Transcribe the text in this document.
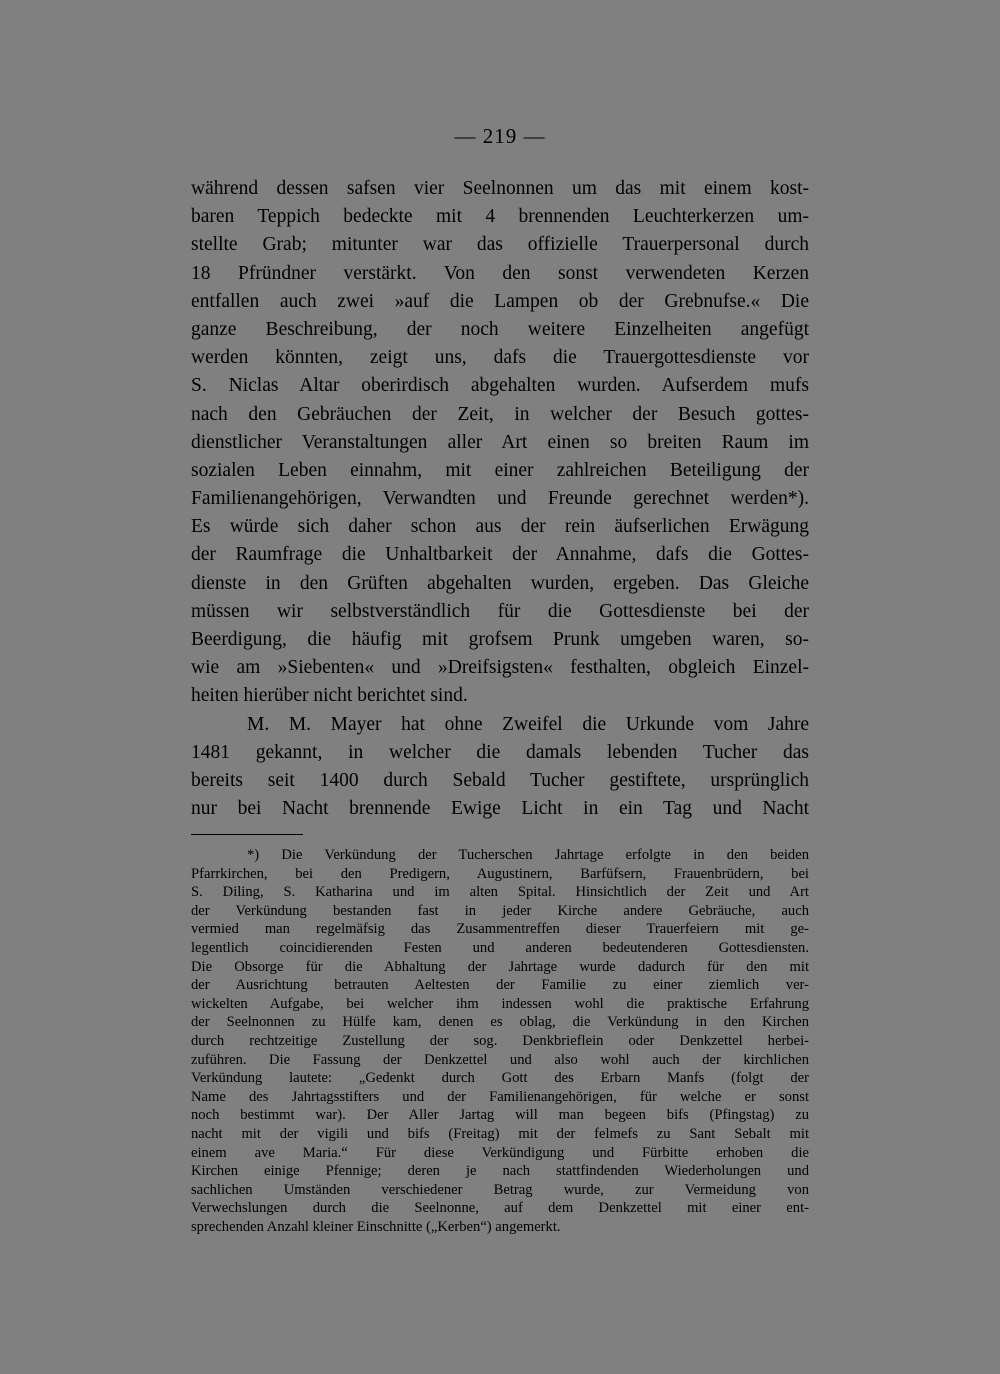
— 219 —
während dessen safsen vier Seelnonnen um das mit einem kost-
baren Teppich bedeckte mit 4 brennenden Leuchterkerzen um-
stellte Grab; mitunter war das offizielle Trauerpersonal durch
18 Pfründner verstärkt. Von den sonst verwendeten Kerzen
entfallen auch zwei »auf die Lampen ob der Grebnufse.« Die
ganze Beschreibung, der noch weitere Einzelheiten angefügt
werden könnten, zeigt uns, dafs die Trauergottesdienste vor
S. Niclas Altar oberirdisch abgehalten wurden. Aufserdem mufs
nach den Gebräuchen der Zeit, in welcher der Besuch gottes-
dienstlicher Veranstaltungen aller Art einen so breiten Raum im
sozialen Leben einnahm, mit einer zahlreichen Beteiligung der
Familienangehörigen, Verwandten und Freunde gerechnet werden*).
Es würde sich daher schon aus der rein äufserlichen Erwägung
der Raumfrage die Unhaltbarkeit der Annahme, dafs die Gottes-
dienste in den Grüften abgehalten wurden, ergeben. Das Gleiche
müssen wir selbstverständlich für die Gottesdienste bei der
Beerdigung, die häufig mit grofsem Prunk umgeben waren, so-
wie am »Siebenten« und »Dreifsigsten« festhalten, obgleich Einzel-
heiten hierüber nicht berichtet sind.
M. M. Mayer hat ohne Zweifel die Urkunde vom Jahre
1481 gekannt, in welcher die damals lebenden Tucher das
bereits seit 1400 durch Sebald Tucher gestiftete, ursprünglich
nur bei Nacht brennende Ewige Licht in ein Tag und Nacht
*) Die Verkündung der Tucherschen Jahrtage erfolgte in den beiden
Pfarrkirchen, bei den Predigern, Augustinern, Barfüfsern, Frauenbrüdern, bei
S. Diling, S. Katharina und im alten Spital. Hinsichtlich der Zeit und Art
der Verkündung bestanden fast in jeder Kirche andere Gebräuche, auch
vermied man regelmäfsig das Zusammentreffen dieser Trauerfeiern mit ge-
legentlich coincidierenden Festen und anderen bedeutenderen Gottesdiensten.
Die Obsorge für die Abhaltung der Jahrtage wurde dadurch für den mit
der Ausrichtung betrauten Aeltesten der Familie zu einer ziemlich ver-
wickelten Aufgabe, bei welcher ihm indessen wohl die praktische Erfahrung
der Seelnonnen zu Hülfe kam, denen es oblag, die Verkündung in den Kirchen
durch rechtzeitige Zustellung der sog. Denkbrieflein oder Denkzettel herbei-
zuführen. Die Fassung der Denkzettel und also wohl auch der kirchlichen
Verkündung lautete: „Gedenkt durch Gott des Erbarn Manfs (folgt der
Name des Jahrtagsstifters und der Familienangehörigen, für welche er sonst
noch bestimmt war). Der Aller Jartag will man begeen bifs (Pfingstag) zu
nacht mit der vigili und bifs (Freitag) mit der felmefs zu Sant Sebalt mit
einem ave Maria.“ Für diese Verkündigung und Fürbitte erhoben die
Kirchen einige Pfennige; deren je nach stattfindenden Wiederholungen und
sachlichen Umständen verschiedener Betrag wurde, zur Vermeidung von
Verwechslungen durch die Seelnonne, auf dem Denkzettel mit einer ent-
sprechenden Anzahl kleiner Einschnitte („Kerben“) angemerkt.
